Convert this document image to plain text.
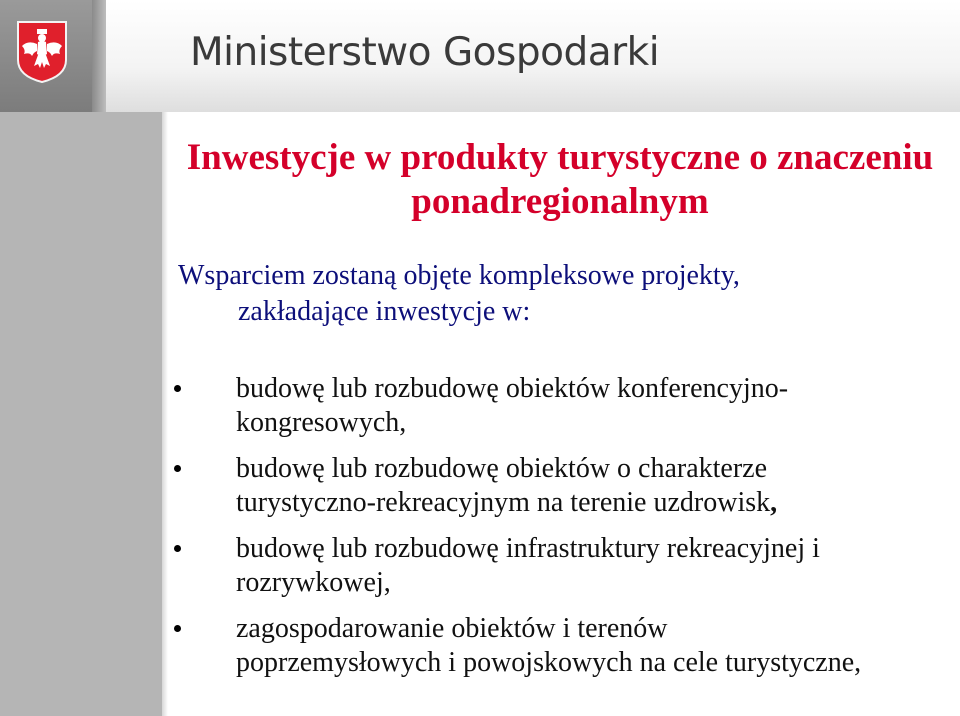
Ministerstwo Gospodarki
Inwestycje w produkty turystyczne o znaczeniu ponadregionalnym
Wsparciem zostaną objęte kompleksowe projekty,
zakładające inwestycje w:
budowę lub rozbudowę obiektów konferencyjno-
kongresowych,
budowę lub rozbudowę obiektów o charakterze
turystyczno-rekreacyjnym na terenie uzdrowisk,
budowę lub rozbudowę infrastruktury rekreacyjnej i
rozrywkowej,
zagospodarowanie obiektów i terenów
poprzemysłowych i powojskowych na cele turystyczne,
